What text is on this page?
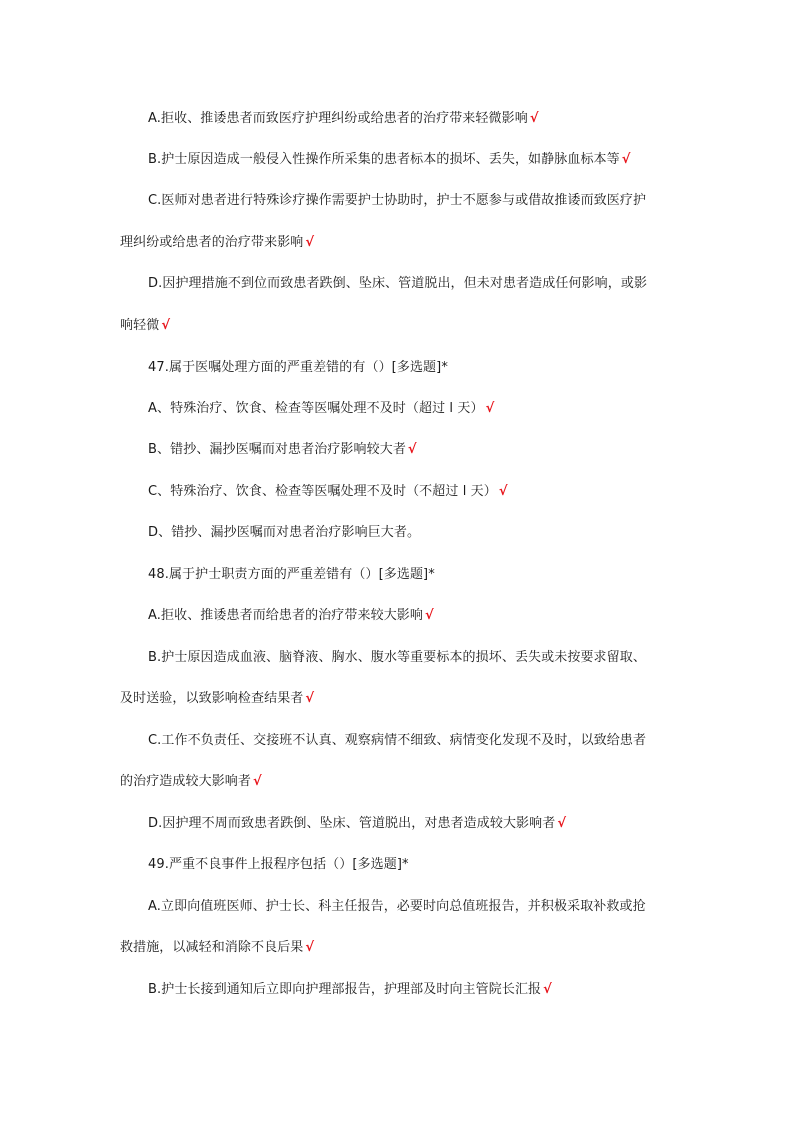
A.拒收、推诿患者而致医疗护理纠纷或给患者的治疗带来轻微影响 √
B.护士原因造成一般侵入性操作所采集的患者标本的损坏、丢失，如静脉血标本等 √
C.医师对患者进行特殊诊疗操作需要护士协助时，护士不愿参与或借故推诿而致医疗护
理纠纷或给患者的治疗带来影响 √
D.因护理措施不到位而致患者跌倒、坠床、管道脱出，但未对患者造成任何影响，或影
响轻微 √
47.属于医嘱处理方面的严重差错的有（）[多选题]*
A、特殊治疗、饮食、检查等医嘱处理不及时（超过 l 天） √
B、错抄、漏抄医嘱而对患者治疗影响较大者 √
C、特殊治疗、饮食、检查等医嘱处理不及时（不超过 l 天） √
D、错抄、漏抄医嘱而对患者治疗影响巨大者。
48.属于护士职责方面的严重差错有（）[多选题]*
A.拒收、推诿患者而给患者的治疗带来较大影响 √
B.护士原因造成血液、脑脊液、胸水、腹水等重要标本的损坏、丢失或未按要求留取、
及时送验，以致影响检查结果者 √
C.工作不负责任、交接班不认真、观察病情不细致、病情变化发现不及时，以致给患者
的治疗造成较大影响者 √
D.因护理不周而致患者跌倒、坠床、管道脱出，对患者造成较大影响者 √
49.严重不良事件上报程序包括（）[多选题]*
A.立即向值班医师、护士长、科主任报告，必要时向总值班报告，并积极采取补救或抢
救措施，以减轻和消除不良后果 √
B.护士长接到通知后立即向护理部报告，护理部及时向主管院长汇报 √
